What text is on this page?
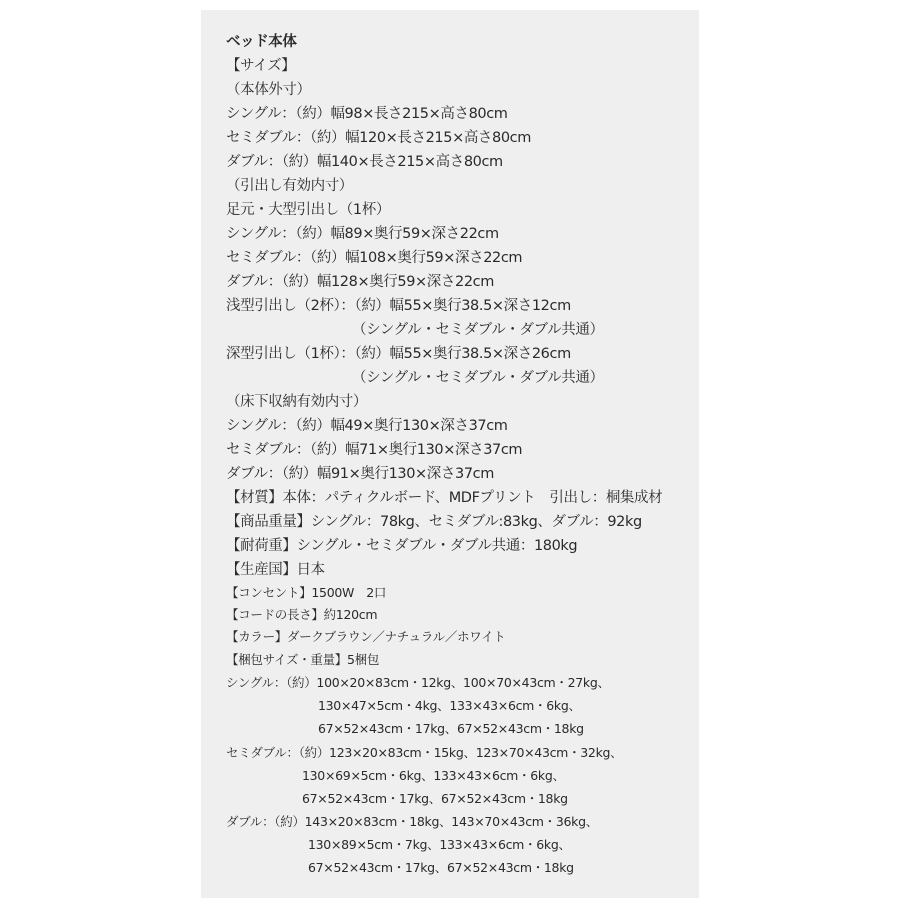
ベッド本体
【サイズ】
（本体外寸）
シングル：（約）幅98×長さ215×高さ80cm
セミダブル：（約）幅120×長さ215×高さ80cm
ダブル：（約）幅140×長さ215×高さ80cm
（引出し有効内寸）
足元・大型引出し（1杯）
シングル：（約）幅89×奥行59×深さ22cm
セミダブル：（約）幅108×奥行59×深さ22cm
ダブル：（約）幅128×奥行59×深さ22cm
浅型引出し（2杯）：（約）幅55×奥行38.5×深さ12cm
（シングル・セミダブル・ダブル共通）
深型引出し（1杯）：（約）幅55×奥行38.5×深さ26cm
（シングル・セミダブル・ダブル共通）
（床下収納有効内寸）
シングル：（約）幅49×奥行130×深さ37cm
セミダブル：（約）幅71×奥行130×深さ37cm
ダブル：（約）幅91×奥行130×深さ37cm
【材質】本体：パティクルボード、MDFプリント　引出し：桐集成材
【商品重量】シングル：78kg、セミダブル:83kg、ダブル：92kg
【耐荷重】シングル・セミダブル・ダブル共通：180kg
【生産国】日本
【コンセント】1500W　2口
【コードの長さ】約120cm
【カラー】ダークブラウン／ナチュラル／ホワイト
【梱包サイズ・重量】5梱包
シングル：（約）100×20×83cm・12kg、100×70×43cm・27kg、
130×47×5cm・4kg、133×43×6cm・6kg、
67×52×43cm・17kg、67×52×43cm・18kg
セミダブル：（約）123×20×83cm・15kg、123×70×43cm・32kg、
130×69×5cm・6kg、133×43×6cm・6kg、
67×52×43cm・17kg、67×52×43cm・18kg
ダブル：（約）143×20×83cm・18kg、143×70×43cm・36kg、
130×89×5cm・7kg、133×43×6cm・6kg、
67×52×43cm・17kg、67×52×43cm・18kg
